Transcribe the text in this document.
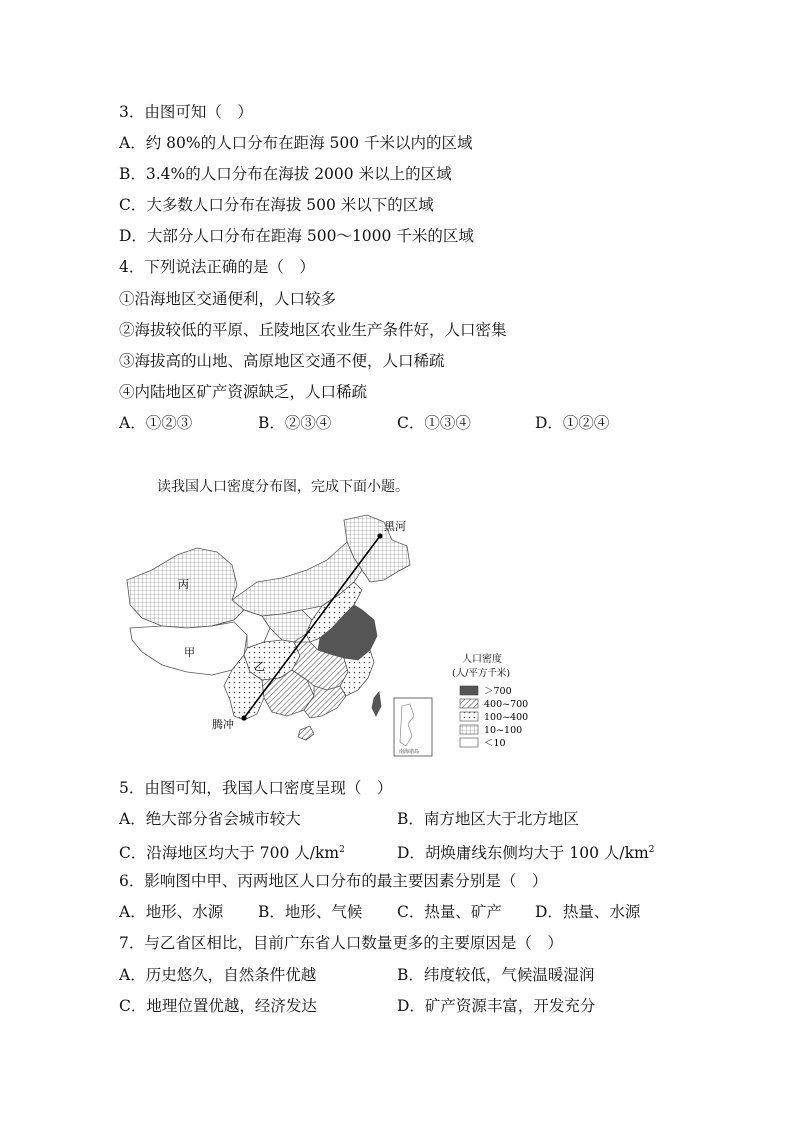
3．由图可知（　）
A．约 80%的人口分布在距海 500 千米以内的区域
B．3.4%的人口分布在海拔 2000 米以上的区域
C．大多数人口分布在海拔 500 米以下的区域
D．大部分人口分布在距海 500～1000 千米的区域
4．下列说法正确的是（　）
①沿海地区交通便利，人口较多
②海拔较低的平原、丘陵地区农业生产条件好，人口密集
③海拔高的山地、高原地区交通不便，人口稀疏
④内陆地区矿产资源缺乏，人口稀疏
A．①②③	B．②③④	C．①③④	D．①②④
读我国人口密度分布图，完成下面小题。
黑河
腾冲
丙
甲
乙
南海诸岛
人口密度
(人/平方千米)
＞700
400~700
100~400
10~100
＜10
5．由图可知，我国人口密度呈现（　）
A．绝大部分省会城市较大	B．南方地区大于北方地区
C．沿海地区均大于 700 人$/km^2$	D．胡焕庸线东侧均大于 100 人$/km^2$
6．影响图中甲、丙两地区人口分布的最主要因素分别是（　）
A．地形、水源 B．地形、气候 C．热量、矿产 D．热量、水源
7．与乙省区相比，目前广东省人口数量更多的主要原因是（　）
A．历史悠久，自然条件优越	B．纬度较低，气候温暖湿润
C．地理位置优越，经济发达	D．矿产资源丰富，开发充分
